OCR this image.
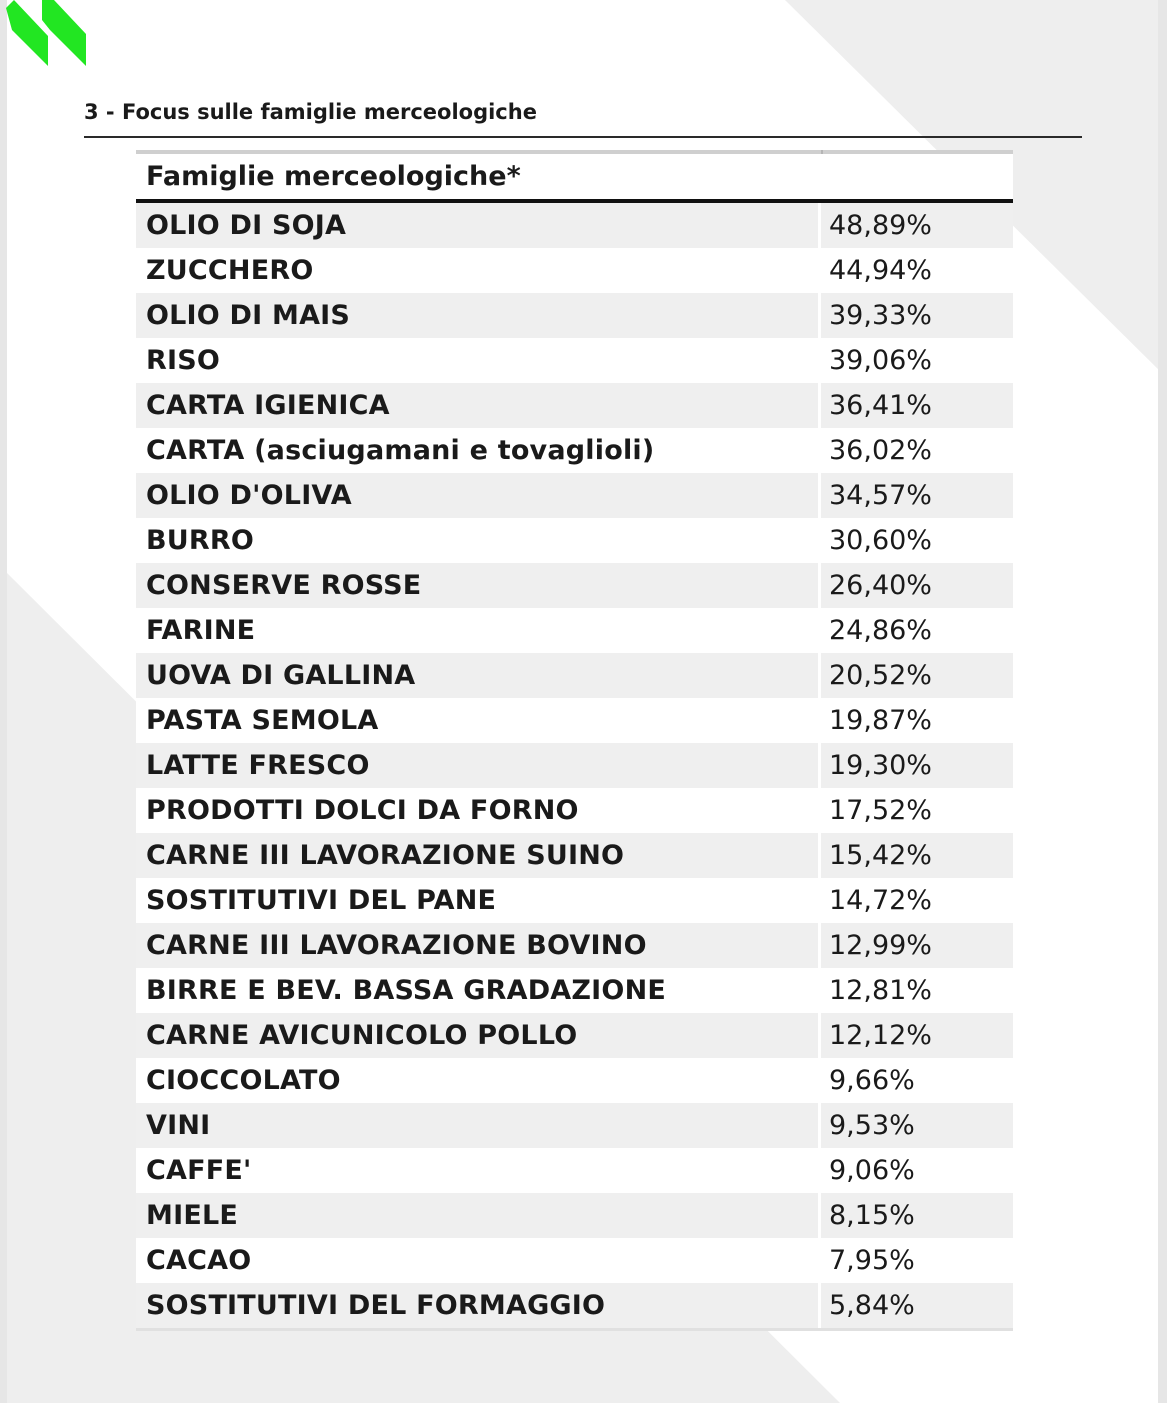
3 - Focus sulle famiglie merceologiche
Famiglie merceologiche*	
OLIO DI SOJA	48,89%
ZUCCHERO	44,94%
OLIO DI MAIS	39,33%
RISO	39,06%
CARTA IGIENICA	36,41%
CARTA (asciugamani e tovaglioli)	36,02%
OLIO D'OLIVA	34,57%
BURRO	30,60%
CONSERVE ROSSE	26,40%
FARINE	24,86%
UOVA DI GALLINA	20,52%
PASTA SEMOLA	19,87%
LATTE FRESCO	19,30%
PRODOTTI DOLCI DA FORNO	17,52%
CARNE III LAVORAZIONE SUINO	15,42%
SOSTITUTIVI DEL PANE	14,72%
CARNE III LAVORAZIONE BOVINO	12,99%
BIRRE E BEV. BASSA GRADAZIONE	12,81%
CARNE AVICUNICOLO POLLO	12,12%
CIOCCOLATO	9,66%
VINI	9,53%
CAFFE'	9,06%
MIELE	8,15%
CACAO	7,95%
SOSTITUTIVI DEL FORMAGGIO	5,84%
